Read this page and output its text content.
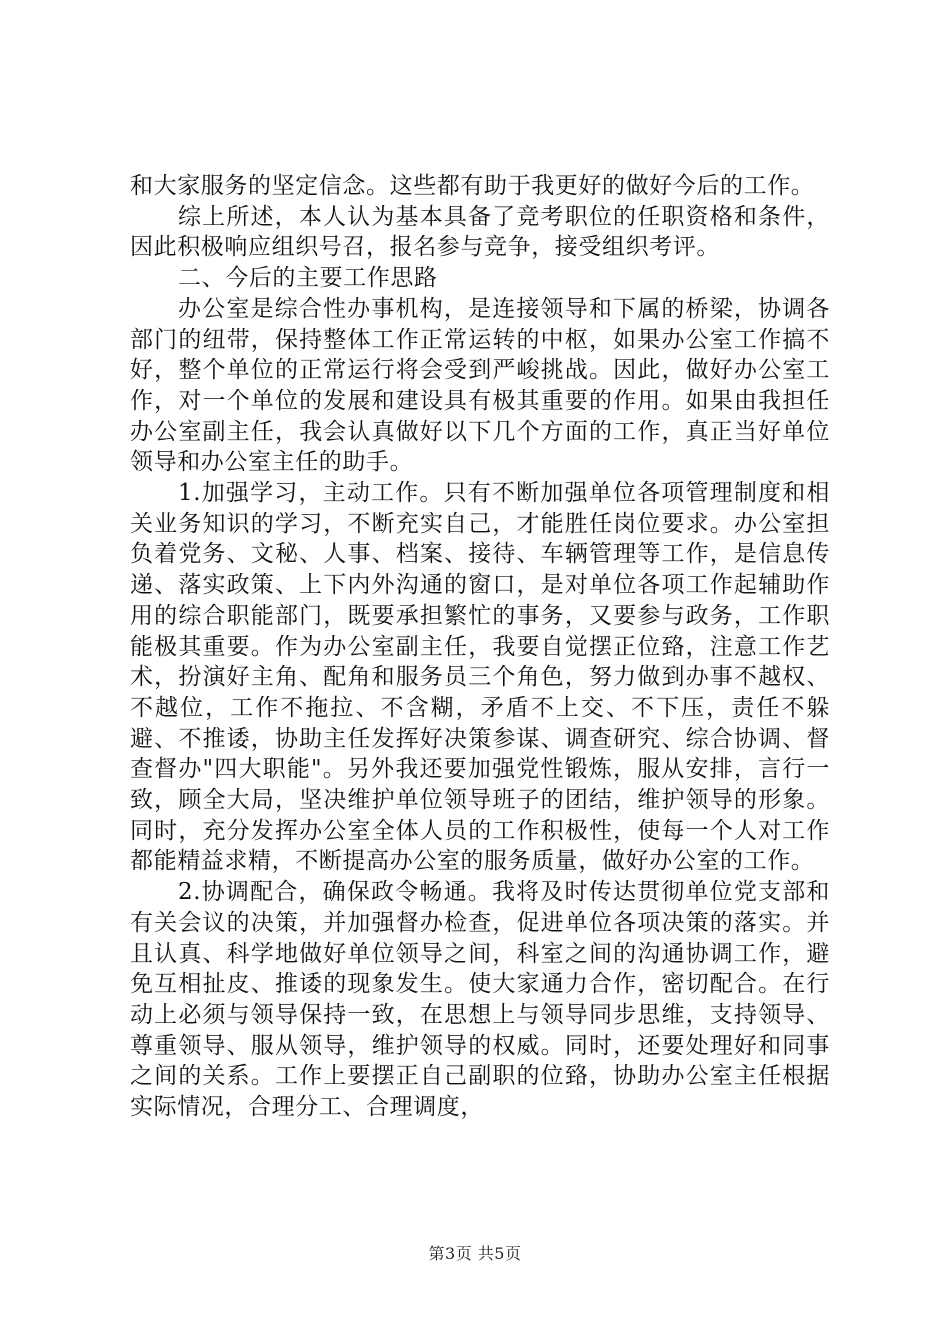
和大家服务的坚定信念。这些都有助于我更好的做好今后的工作。

综上所述，本人认为基本具备了竞考职位的任职资格和条件，因此积极响应组织号召，报名参与竞争，接受组织考评。

二、今后的主要工作思路

办公室是综合性办事机构，是连接领导和下属的桥梁，协调各部门的纽带，保持整体工作正常运转的中枢，如果办公室工作搞不好，整个单位的正常运行将会受到严峻挑战。因此，做好办公室工作，对一个单位的发展和建设具有极其重要的作用。如果由我担任办公室副主任，我会认真做好以下几个方面的工作，真正当好单位领导和办公室主任的助手。

1.加强学习，主动工作。只有不断加强单位各项管理制度和相关业务知识的学习，不断充实自己，才能胜任岗位要求。办公室担负着党务、文秘、人事、档案、接待、车辆管理等工作，是信息传递、落实政策、上下内外沟通的窗口，是对单位各项工作起辅助作用的综合职能部门，既要承担繁忙的事务，又要参与政务，工作职能极其重要。作为办公室副主任，我要自觉摆正位臵，注意工作艺术，扮演好主角、配角和服务员三个角色，努力做到办事不越权、不越位，工作不拖拉、不含糊，矛盾不上交、不下压，责任不躲避、不推诿，协助主任发挥好决策参谋、调查研究、综合协调、督查督办"四大职能"。另外我还要加强党性锻炼，服从安排，言行一致，顾全大局，坚决维护单位领导班子的团结，维护领导的形象。同时，充分发挥办公室全体人员的工作积极性，使每一个人对工作都能精益求精，不断提高办公室的服务质量，做好办公室的工作。

2.协调配合，确保政令畅通。我将及时传达贯彻单位党支部和有关会议的决策，并加强督办检查，促进单位各项决策的落实。并且认真、科学地做好单位领导之间，科室之间的沟通协调工作，避免互相扯皮、推诿的现象发生。使大家通力合作，密切配合。在行动上必须与领导保持一致，在思想上与领导同步思维，支持领导、尊重领导、服从领导，维护领导的权威。同时，还要处理好和同事之间的关系。工作上要摆正自己副职的位臵，协助办公室主任根据实际情况，合理分工、合理调度，

第3页 共5页
